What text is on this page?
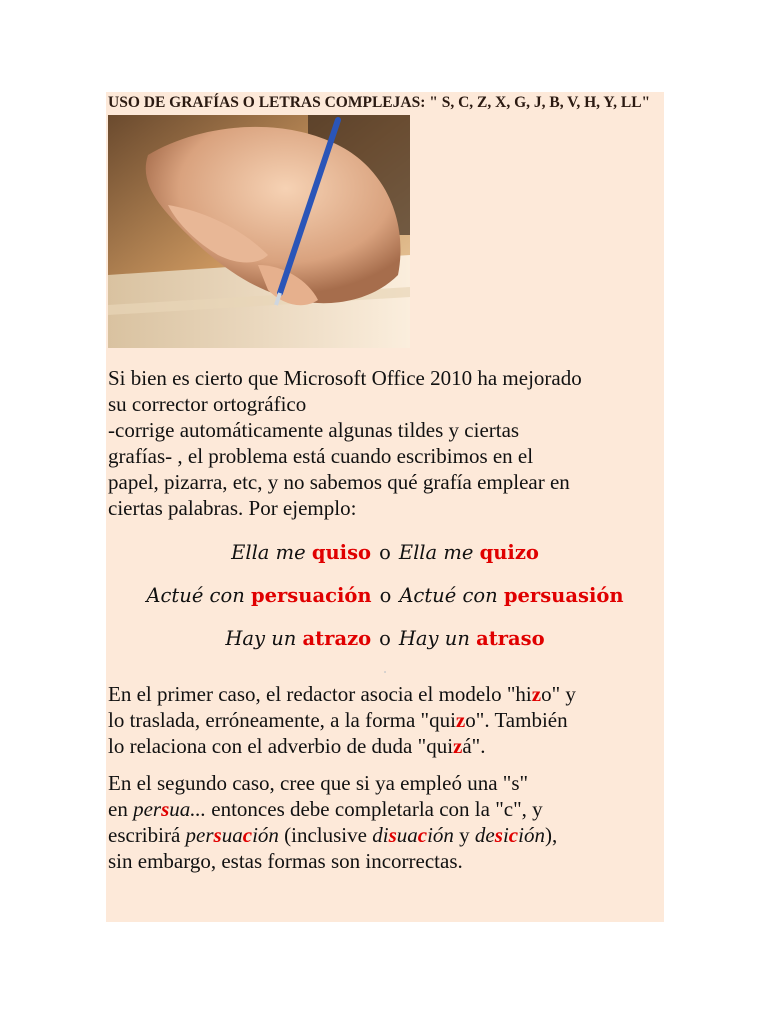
USO DE GRAFÍAS O LETRAS COMPLEJAS: " S, C, Z, X, G, J, B, V, H, Y, LL"

Si bien es cierto que Microsoft Office 2010 ha mejorado
su corrector ortográfico
-corrige automáticamente algunas tildes y ciertas
grafías- , el problema está cuando escribimos en el
papel, pizarra, etc, y no sabemos qué grafía emplear en
ciertas palabras. Por ejemplo:

Ella me quiso o Ella me quizo
Actué con persuación o Actué con persuasión
Hay un atrazo o Hay un atraso
•

En el primer caso, el redactor asocia el modelo "hizo" y
lo traslada, erróneamente, a la forma "quizo". También
lo relaciona con el adverbio de duda "quizá".

En el segundo caso, cree que si ya empleó una "s"
en persua... entonces debe completarla con la "c", y
escribirá persuación (inclusive disuación y desición),
sin embargo, estas formas son incorrectas.
